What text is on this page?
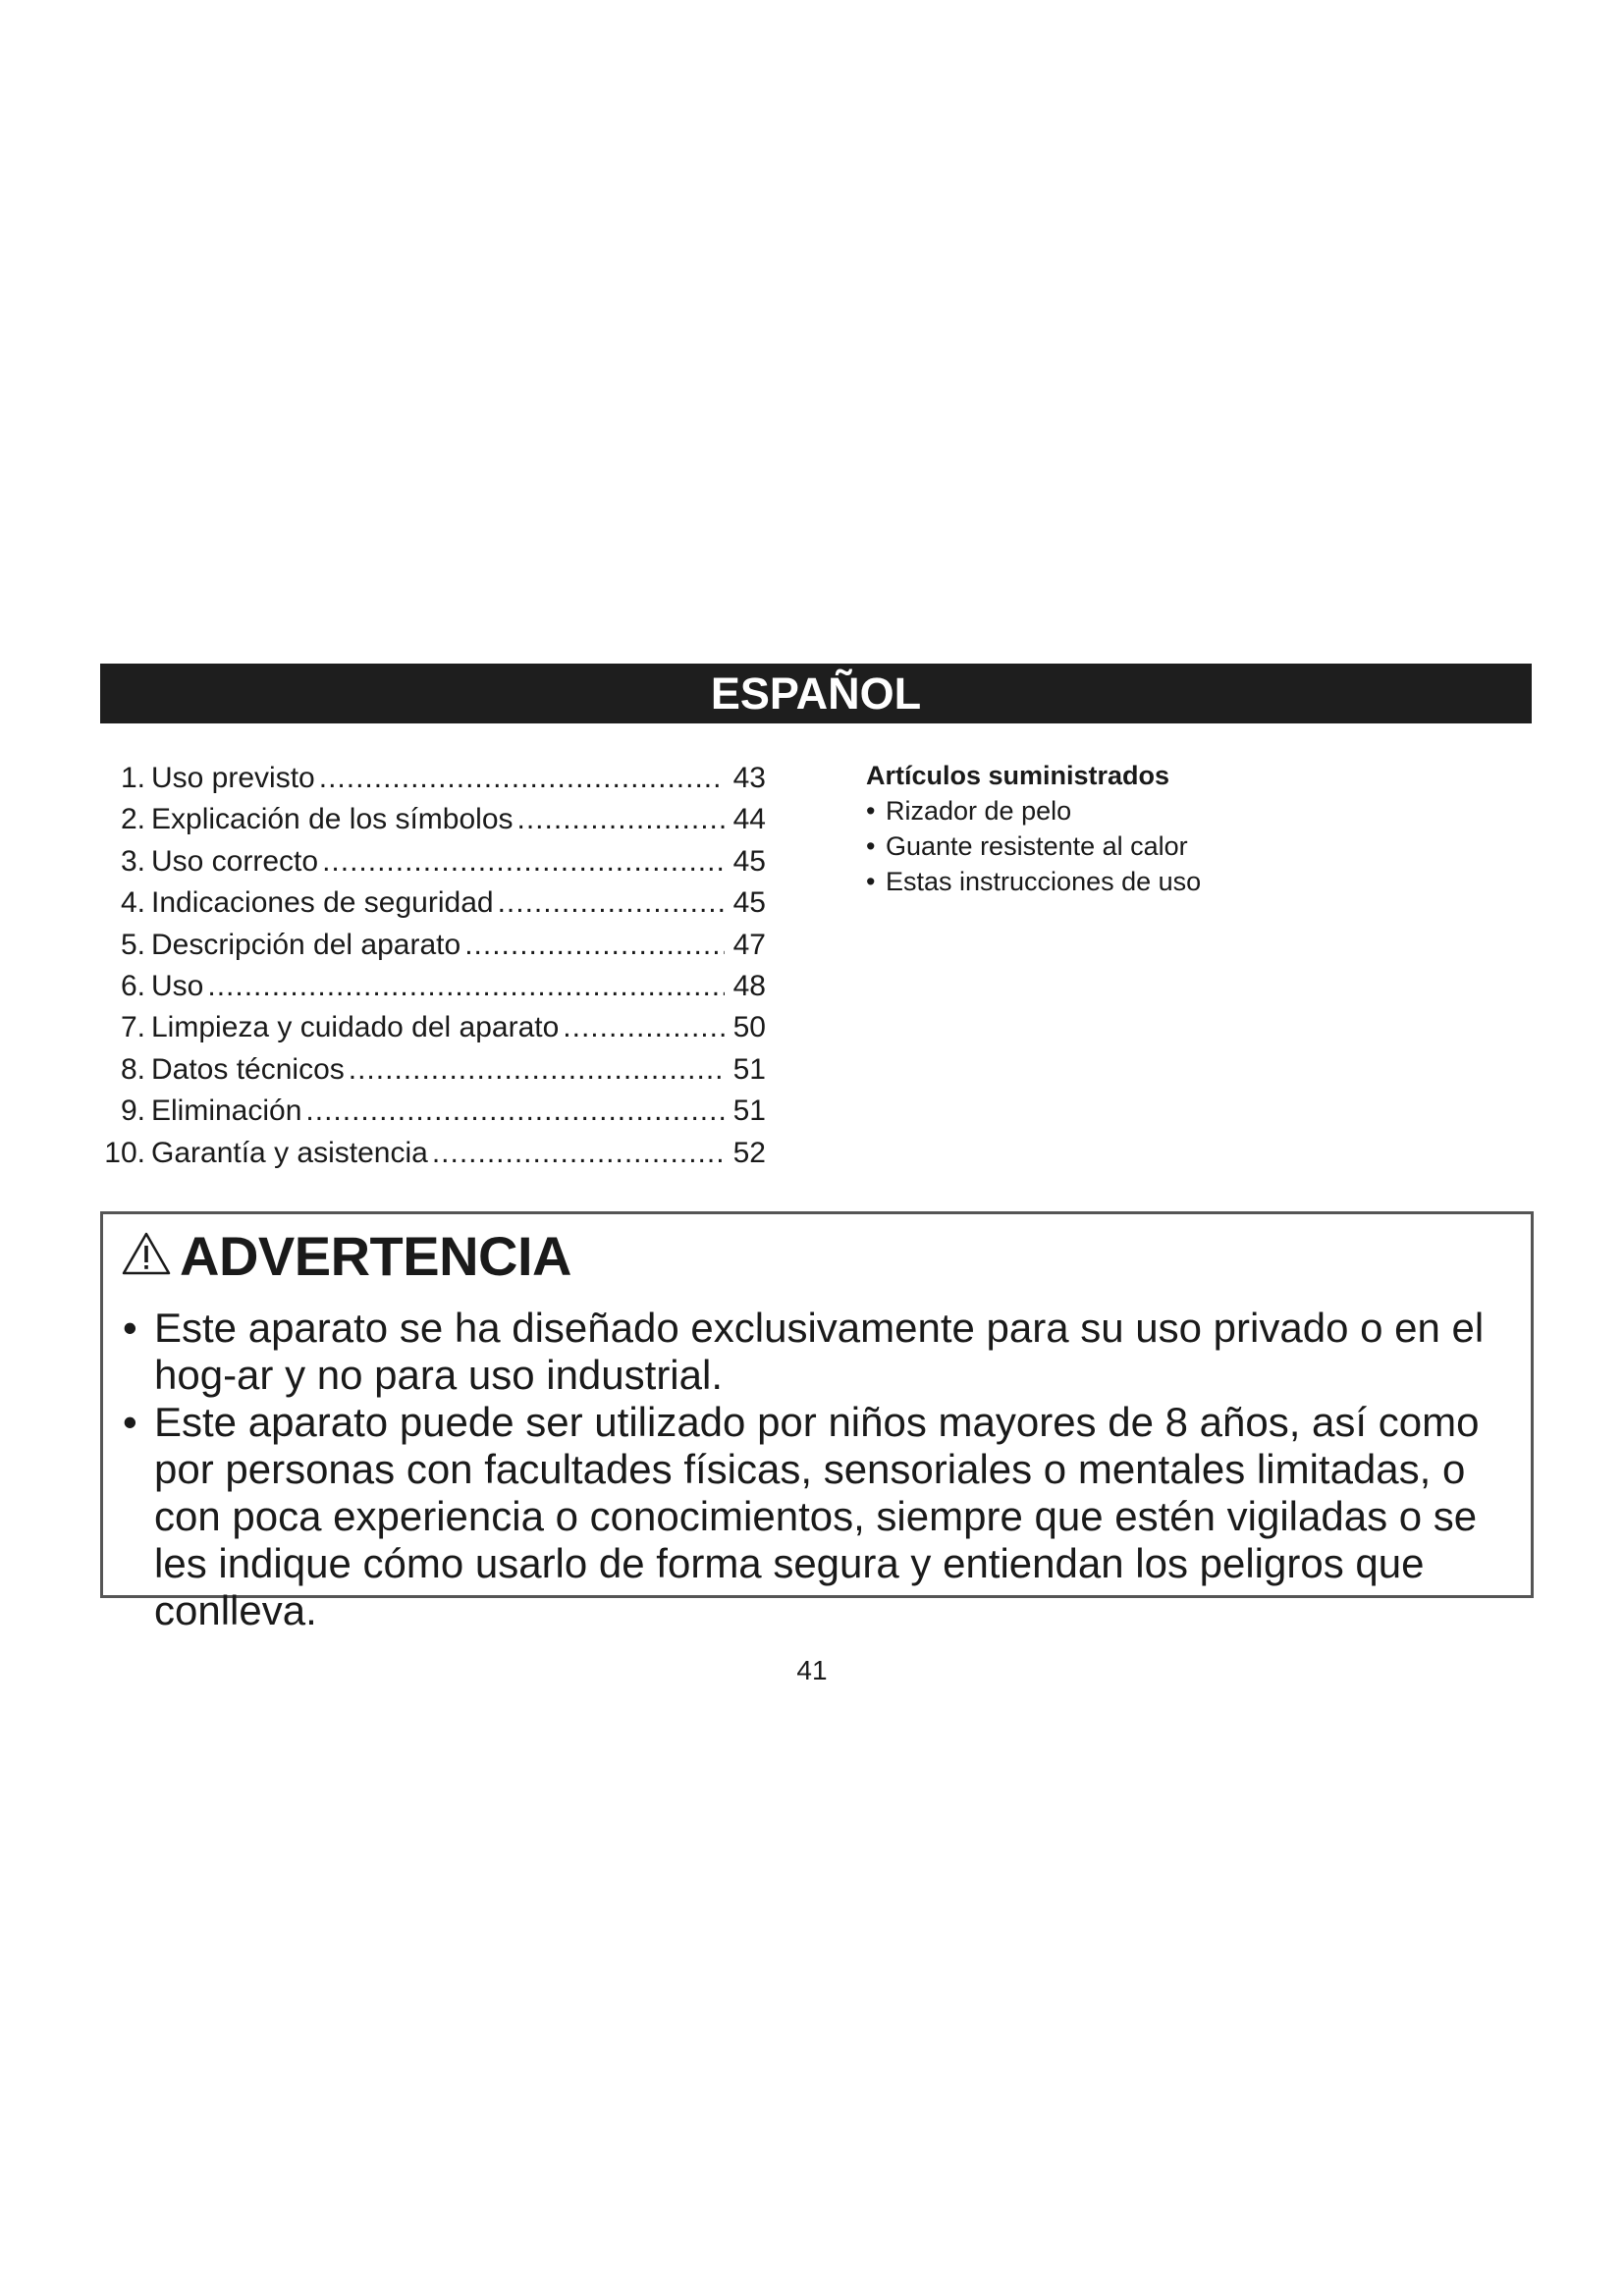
ESPAÑOL
1. Uso previsto .....	43
2. Explicación de los símbolos .....	44
3. Uso correcto .....	45
4. Indicaciones de seguridad .....	45
5. Descripción del aparato .....	47
6. Uso .....	48
7. Limpieza y cuidado del aparato .....	50
8. Datos técnicos .....	51
9. Eliminación .....	51
10. Garantía y asistencia .....	52
Artículos suministrados
• Rizador de pelo
• Guante resistente al calor
• Estas instrucciones de uso
ADVERTENCIA
• Este aparato se ha diseñado exclusivamente para su uso privado o en el hog-ar y no para uso industrial.
• Este aparato puede ser utilizado por niños mayores de 8 años, así como por personas con facultades físicas, sensoriales o mentales limitadas, o con poca experiencia o conocimientos, siempre que estén vigiladas o se les indique cómo usarlo de forma segura y entiendan los peligros que conlleva.
41
